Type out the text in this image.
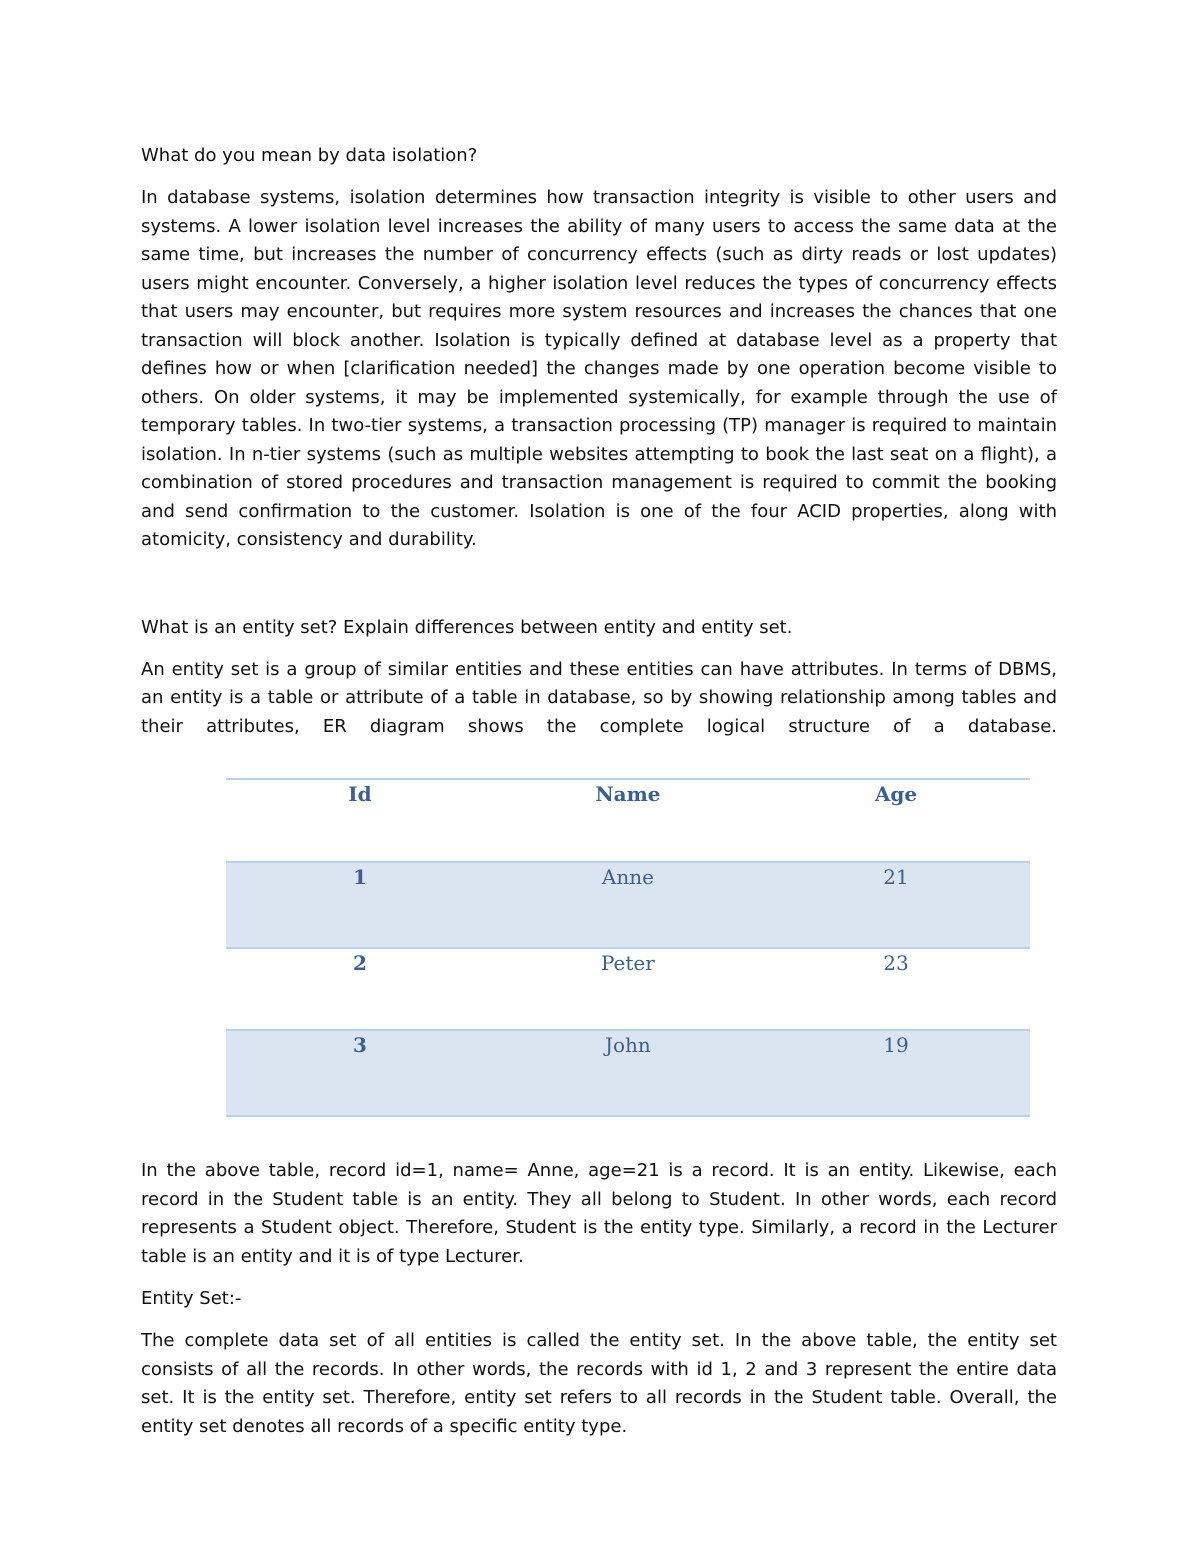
What do you mean by data isolation?

In database systems, isolation determines how transaction integrity is visible to other users and systems. A lower isolation level increases the ability of many users to access the same data at the same time, but increases the number of concurrency effects (such as dirty reads or lost updates) users might encounter. Conversely, a higher isolation level reduces the types of concurrency effects that users may encounter, but requires more system resources and increases the chances that one transaction will block another. Isolation is typically defined at database level as a property that defines how or when [clarification needed] the changes made by one operation become visible to others. On older systems, it may be implemented systemically, for example through the use of temporary tables. In two-tier systems, a transaction processing (TP) manager is required to maintain isolation. In n-tier systems (such as multiple websites attempting to book the last seat on a flight), a combination of stored procedures and transaction management is required to commit the booking and send confirmation to the customer. Isolation is one of the four ACID properties, along with atomicity, consistency and durability.

What is an entity set? Explain differences between entity and entity set.

An entity set is a group of similar entities and these entities can have attributes. In terms of DBMS, an entity is a table or attribute of a table in database, so by showing relationship among tables and their attributes, ER diagram shows the complete logical structure of a database.

Id	Name	Age
1	Anne	21
2	Peter	23
3	John	19

In the above table, record id=1, name= Anne, age=21 is a record. It is an entity. Likewise, each record in the Student table is an entity. They all belong to Student. In other words, each record represents a Student object. Therefore, Student is the entity type. Similarly, a record in the Lecturer table is an entity and it is of type Lecturer.

Entity Set:-

The complete data set of all entities is called the entity set. In the above table, the entity set consists of all the records. In other words, the records with id 1, 2 and 3 represent the entire data set. It is the entity set. Therefore, entity set refers to all records in the Student table. Overall, the entity set denotes all records of a specific entity type.
